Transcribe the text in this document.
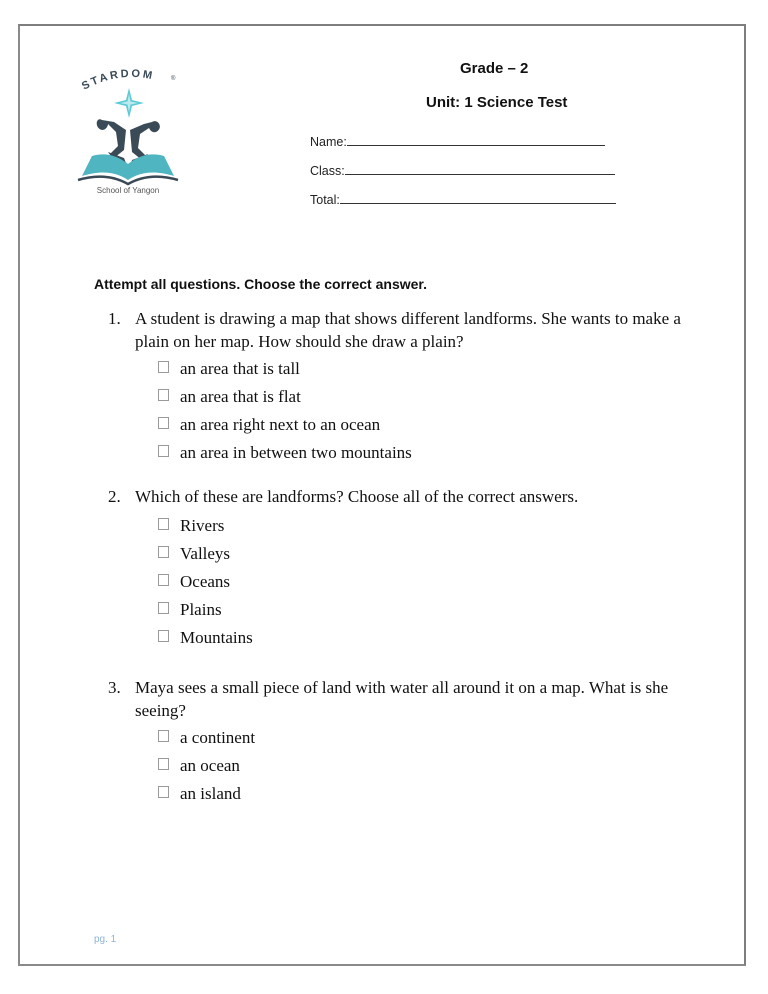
STARDOM	®
School of Yangon
Grade – 2
Unit: 1 Science Test
Name:
Class:
Total:
Attempt all questions. Choose the correct answer.
1. A student is drawing a map that shows different landforms. She wants to make a plain on her map. How should she draw a plain?
an area that is tall
an area that is flat
an area right next to an ocean
an area in between two mountains
2. Which of these are landforms? Choose all of the correct answers.
Rivers
Valleys
Oceans
Plains
Mountains
3. Maya sees a small piece of land with water all around it on a map. What is she seeing?
a continent
an ocean
an island
pg. 1
